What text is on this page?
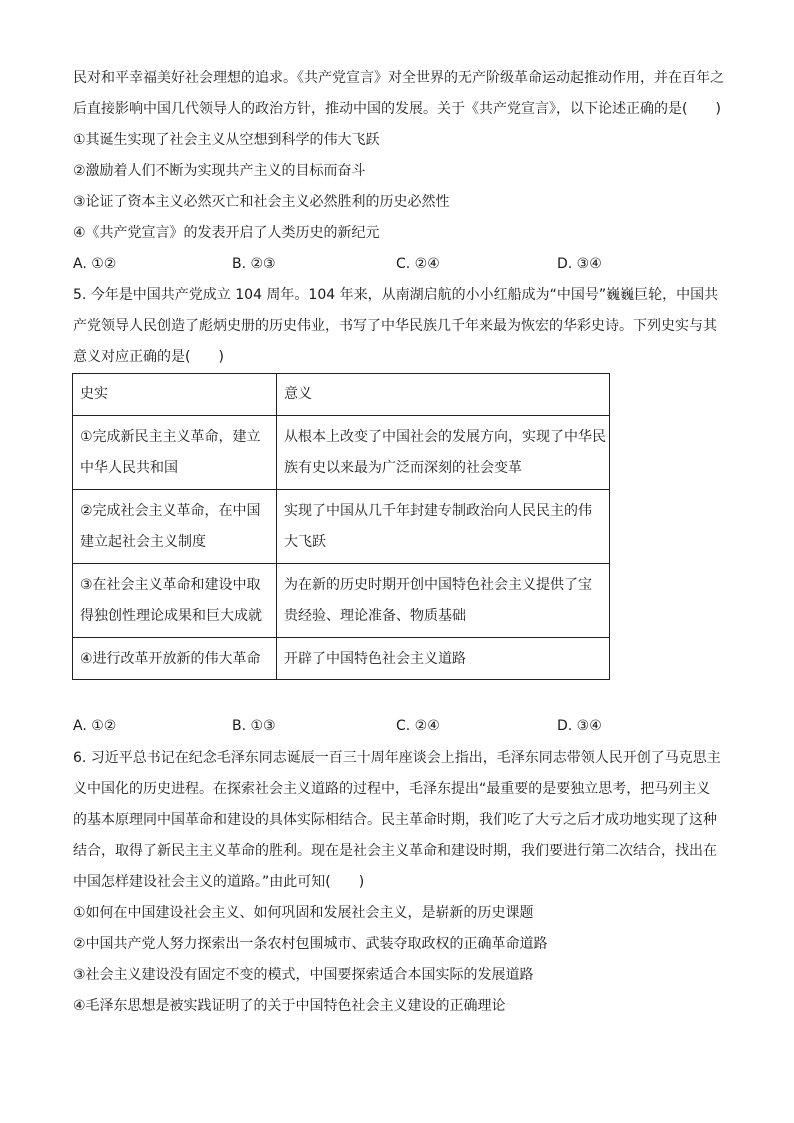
民对和平幸福美好社会理想的追求。《共产党宣言》对全世界的无产阶级革命运动起推动作用，并在百年之
后直接影响中国几代领导人的政治方针，推动中国的发展。关于《共产党宣言》，以下论述正确的是(　　)
①其诞生实现了社会主义从空想到科学的伟大飞跃
②激励着人们不断为实现共产主义的目标而奋斗
③论证了资本主义必然灭亡和社会主义必然胜利的历史必然性
④《共产党宣言》的发表开启了人类历史的新纪元
A. ①②	B. ②③	C. ②④	D. ③④
5. 今年是中国共产党成立 104 周年。104 年来，从南湖启航的小小红船成为“中国号”巍巍巨轮，中国共
产党领导人民创造了彪炳史册的历史伟业，书写了中华民族几千年来最为恢宏的华彩史诗。下列史实与其
意义对应正确的是(　　)
史实	意义

①完成新民主主义革命，建立
中华人民共和国	从根本上改变了中国社会的发展方向，实现了中华民
族有史以来最为广泛而深刻的社会变革

②完成社会主义革命，在中国
建立起社会主义制度	实现了中国从几千年封建专制政治向人民民主的伟
大飞跃

③在社会主义革命和建设中取
得独创性理论成果和巨大成就	为在新的历史时期开创中国特色社会主义提供了宝
贵经验、理论准备、物质基础

④进行改革开放新的伟大革命	开辟了中国特色社会主义道路
A. ①②	B. ①③	C. ②④	D. ③④
6. 习近平总书记在纪念毛泽东同志诞辰一百三十周年座谈会上指出，毛泽东同志带领人民开创了马克思主
义中国化的历史进程。在探索社会主义道路的过程中，毛泽东提出“最重要的是要独立思考，把马列主义
的基本原理同中国革命和建设的具体实际相结合。民主革命时期，我们吃了大亏之后才成功地实现了这种
结合，取得了新民主主义革命的胜利。现在是社会主义革命和建设时期，我们要进行第二次结合，找出在
中国怎样建设社会主义的道路。”由此可知(　　)
①如何在中国建设社会主义、如何巩固和发展社会主义，是崭新的历史课题
②中国共产党人努力探索出一条农村包围城市、武装夺取政权的正确革命道路
③社会主义建设没有固定不变的模式，中国要探索适合本国实际的发展道路
④毛泽东思想是被实践证明了的关于中国特色社会主义建设的正确理论
